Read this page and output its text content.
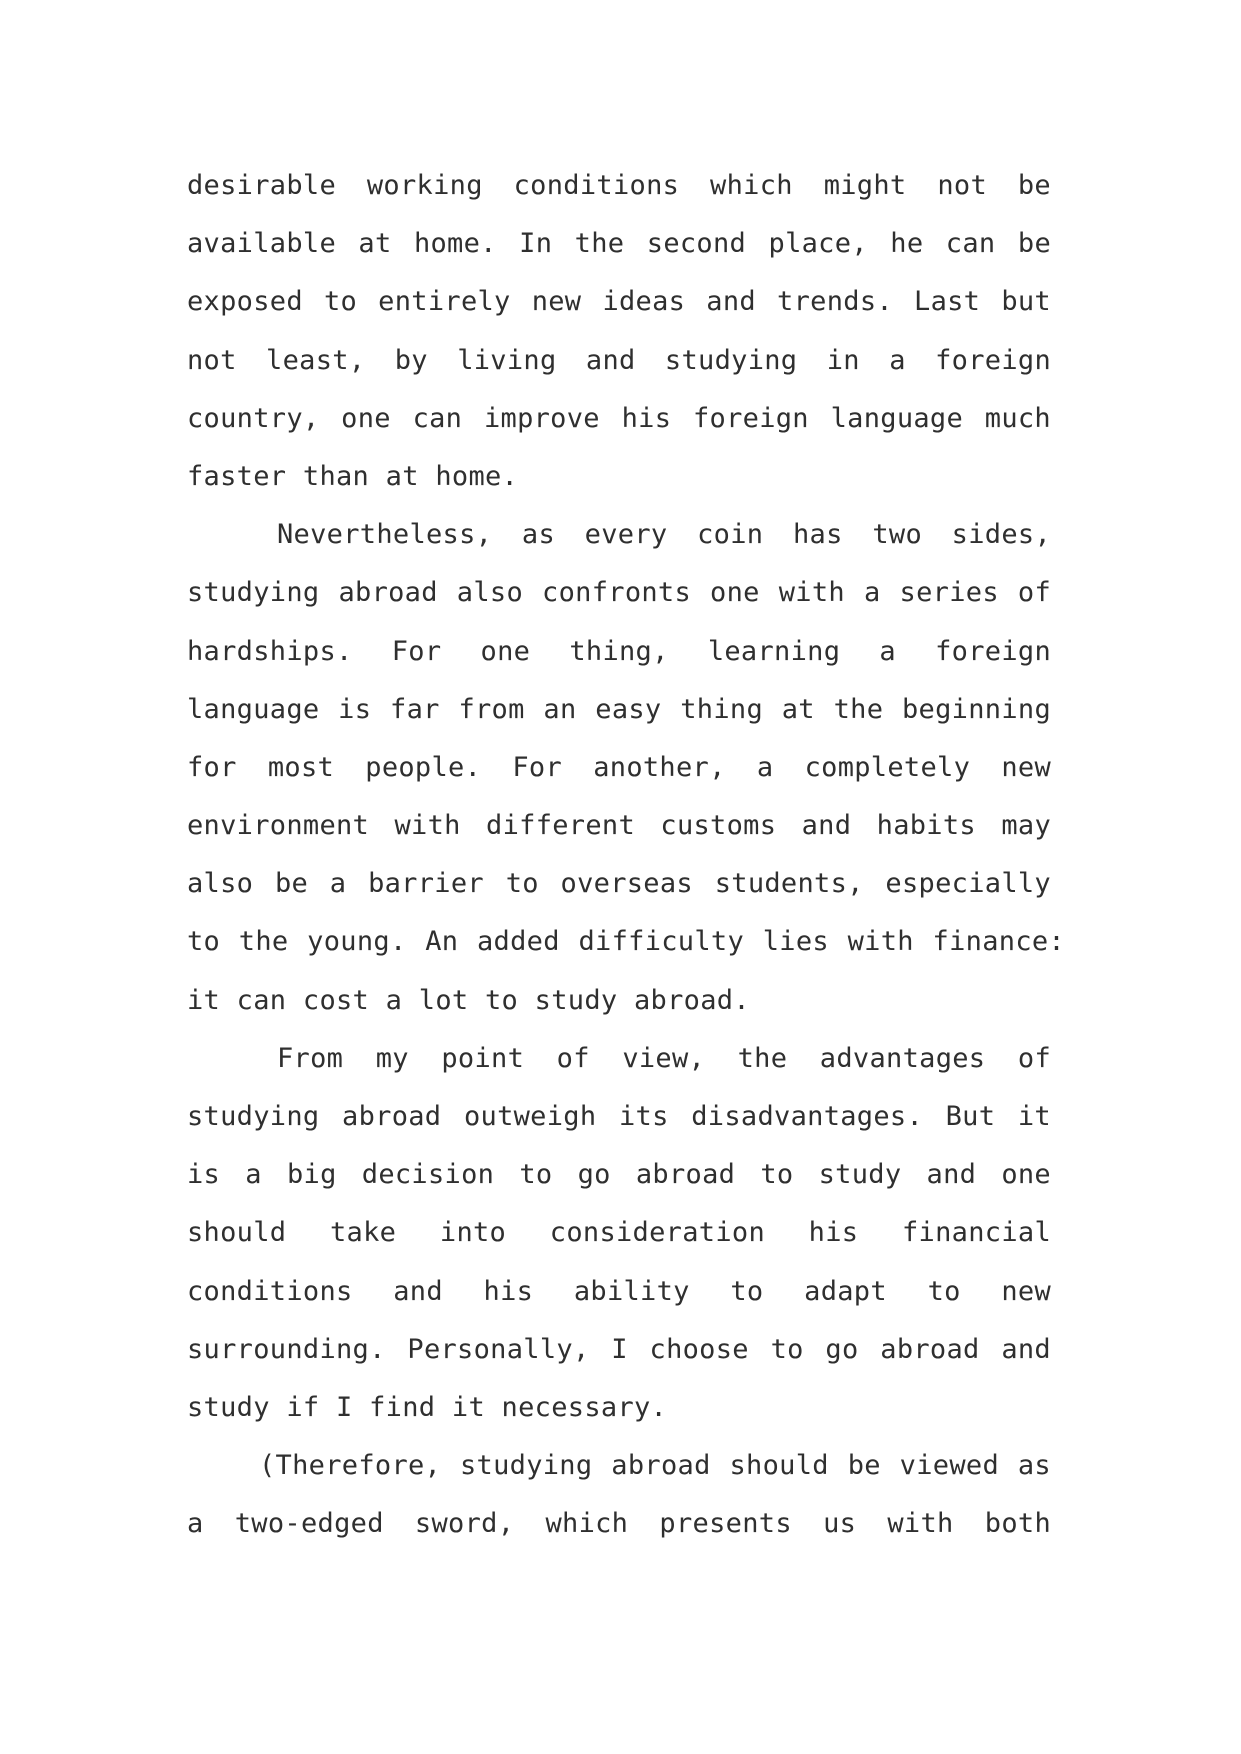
desirable working conditions which might not be
available at home. In the second place, he can be
exposed to entirely new ideas and trends. Last but
not least, by living and studying in a foreign
country, one can improve his foreign language much
faster than at home.
Nevertheless, as every coin has two sides,
studying abroad also confronts one with a series of
hardships. For one thing, learning a foreign
language is far from an easy thing at the beginning
for most people. For another, a completely new
environment with different customs and habits may
also be a barrier to overseas students, especially
to the young. An added difficulty lies with finance:
it can cost a lot to study abroad.
From my point of view, the advantages of
studying abroad outweigh its disadvantages. But it
is a big decision to go abroad to study and one
should take into consideration his financial
conditions and his ability to adapt to new
surrounding. Personally, I choose to go abroad and
study if I find it necessary.
(Therefore, studying abroad should be viewed as
a two-edged sword, which presents us with both
